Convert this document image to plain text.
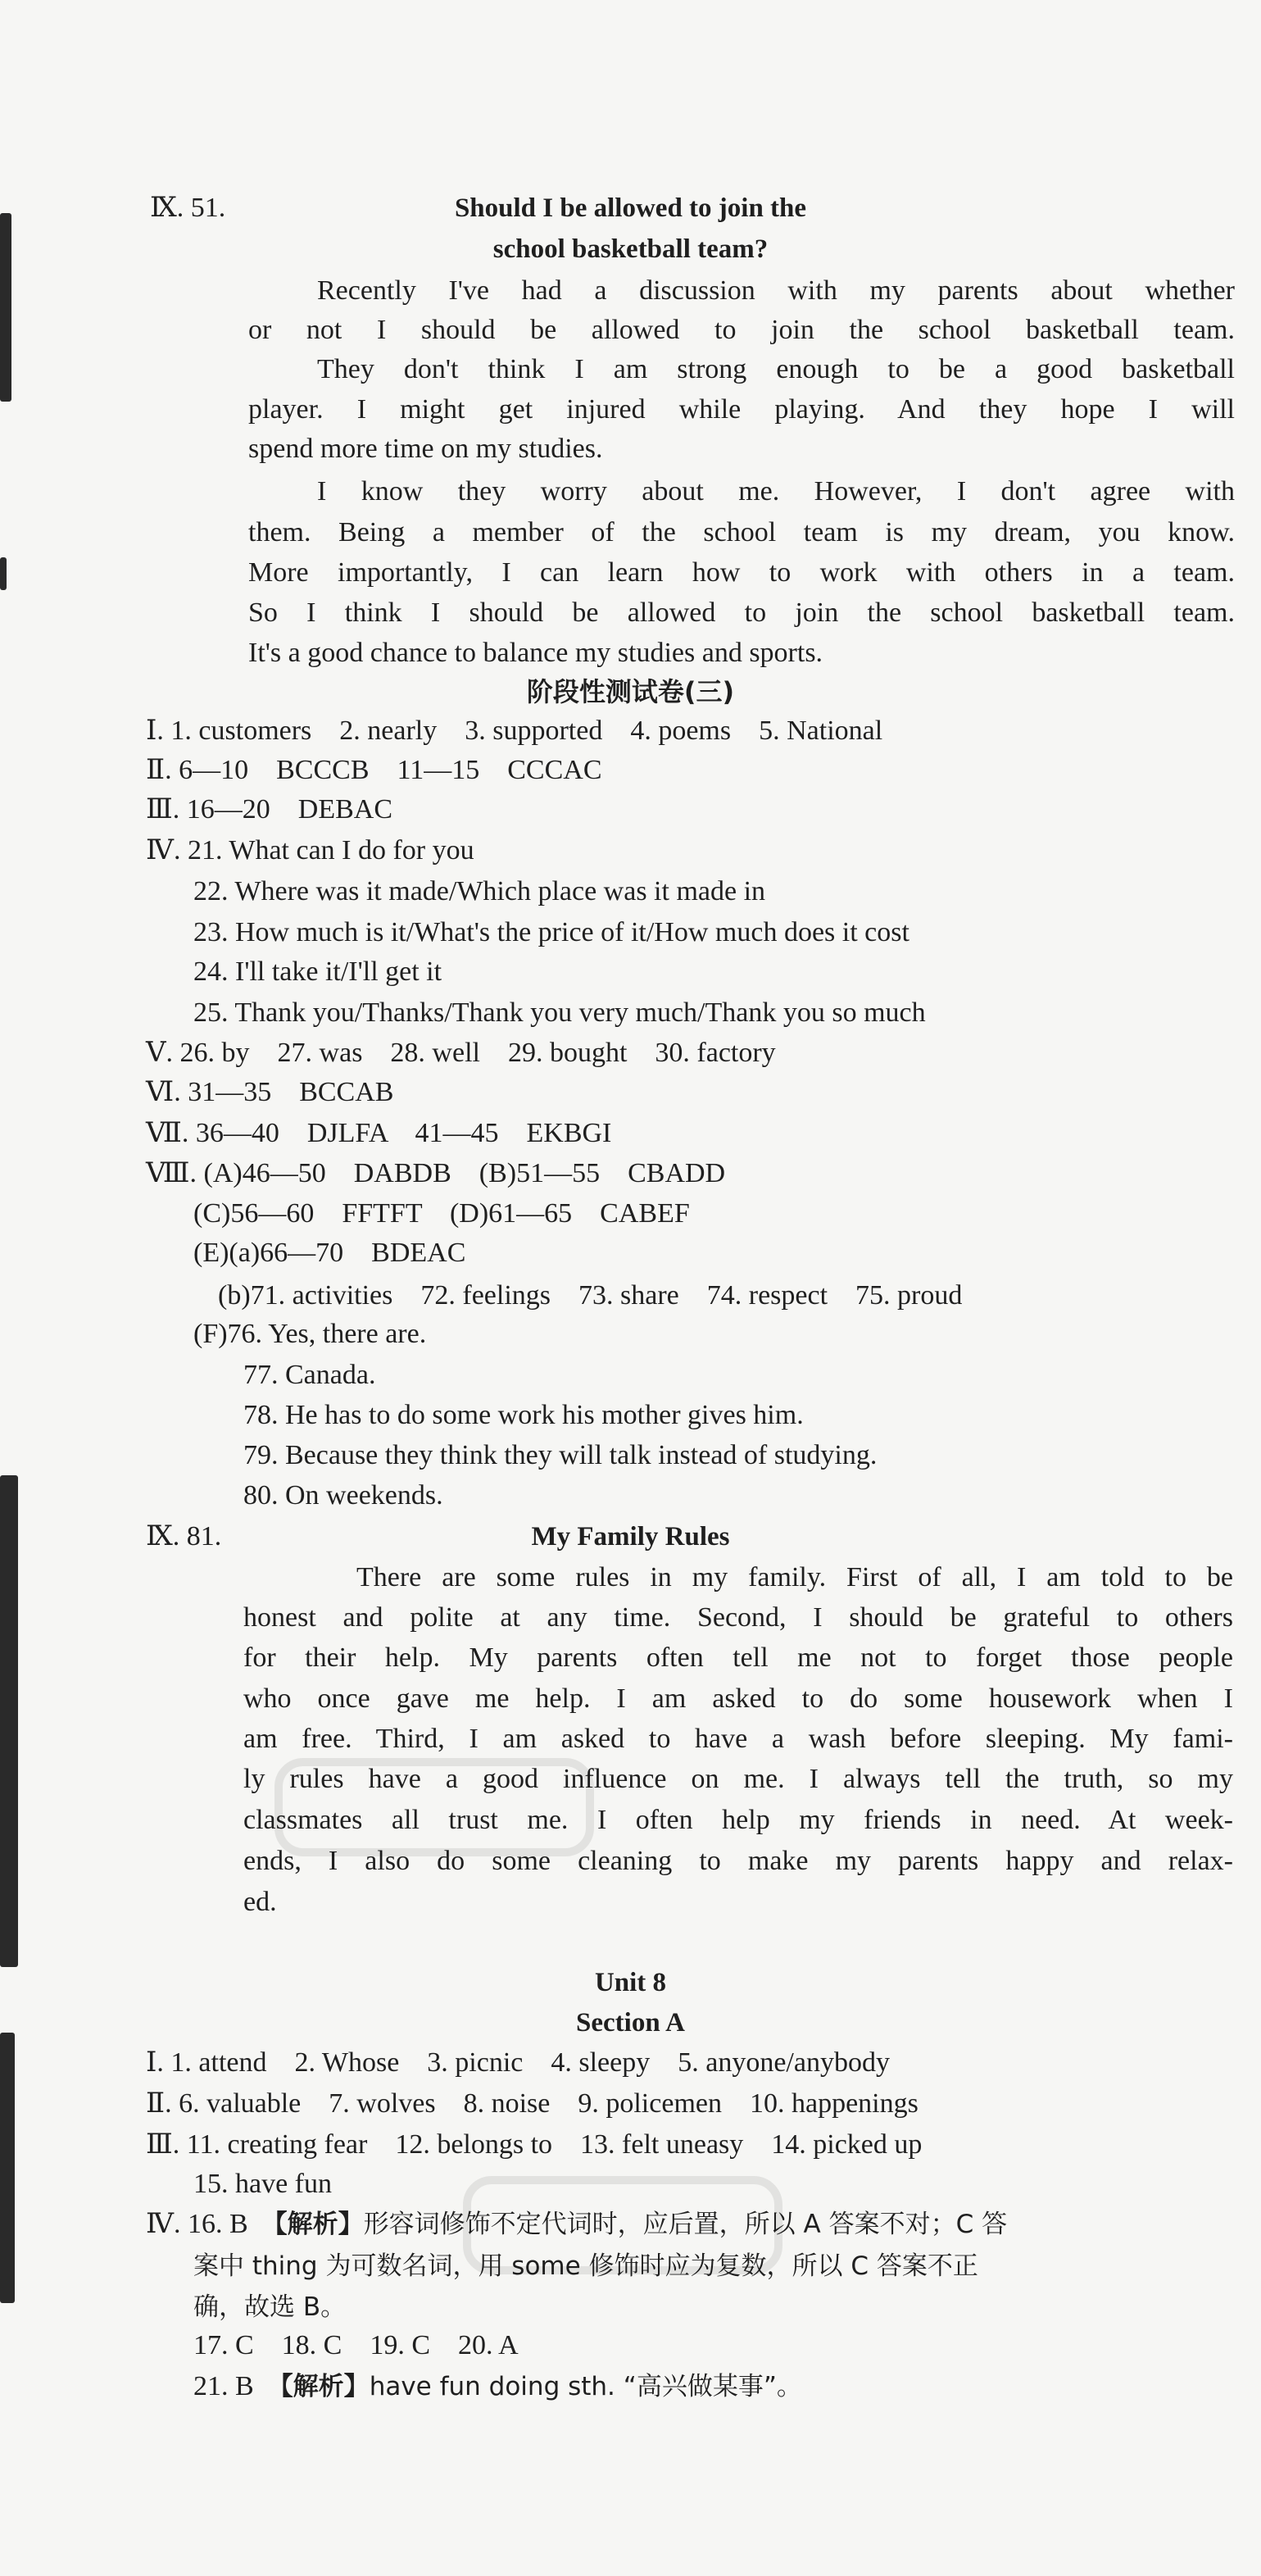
Ⅸ. 51.	Should I be allowed to join the
school basketball team?
Recently I've had a discussion with my parents about whether
or not I should be allowed to join the school basketball team.
They don't think I am strong enough to be a good basketball
player. I might get injured while playing. And they hope I will
spend more time on my studies.
I know they worry about me. However, I don't agree with
them. Being a member of the school team is my dream, you know.
More importantly, I can learn how to work with others in a team.
So I think I should be allowed to join the school basketball team.
It's a good chance to balance my studies and sports.
阶段性测试卷(三)
Ⅰ. 1. customers    2. nearly    3. supported    4. poems    5. National
Ⅱ. 6—10    BCCCB    11—15    CCCAC
Ⅲ. 16—20    DEBAC
Ⅳ. 21. What can I do for you
22. Where was it made/Which place was it made in
23. How much is it/What's the price of it/How much does it cost
24. I'll take it/I'll get it
25. Thank you/Thanks/Thank you very much/Thank you so much
Ⅴ. 26. by    27. was    28. well    29. bought    30. factory
Ⅵ. 31—35    BCCAB
Ⅶ. 36—40    DJLFA    41—45    EKBGI
Ⅷ. (A)46—50    DABDB    (B)51—55    CBADD
(C)56—60    FFTFT    (D)61—65    CABEF
(E)(a)66—70    BDEAC
(b)71. activities    72. feelings    73. share    74. respect    75. proud
(F)76. Yes, there are.
77. Canada.
78. He has to do some work his mother gives him.
79. Because they think they will talk instead of studying.
80. On weekends.
Ⅸ. 81.	My Family Rules
There are some rules in my family. First of all, I am told to be
honest and polite at any time. Second, I should be grateful to others
for their help. My parents often tell me not to forget those people
who once gave me help. I am asked to do some housework when I
am free. Third, I am asked to have a wash before sleeping. My fami-
ly rules have a good influence on me. I always tell the truth, so my
classmates all trust me. I often help my friends in need. At week-
ends, I also do some cleaning to make my parents happy and relax-
ed.
Unit 8
Section A
Ⅰ. 1. attend    2. Whose    3. picnic    4. sleepy    5. anyone/anybody
Ⅱ. 6. valuable    7. wolves    8. noise    9. policemen    10. happenings
Ⅲ. 11. creating fear    12. belongs to    13. felt uneasy    14. picked up
15. have fun
Ⅳ. 16. B  【解析】形容词修饰不定代词时，应后置，所以 A 答案不对；C 答
案中 thing 为可数名词，用 some 修饰时应为复数，所以 C 答案不正
确，故选 B。
17. C    18. C    19. C    20. A
21. B  【解析】have fun doing sth. “高兴做某事”。
